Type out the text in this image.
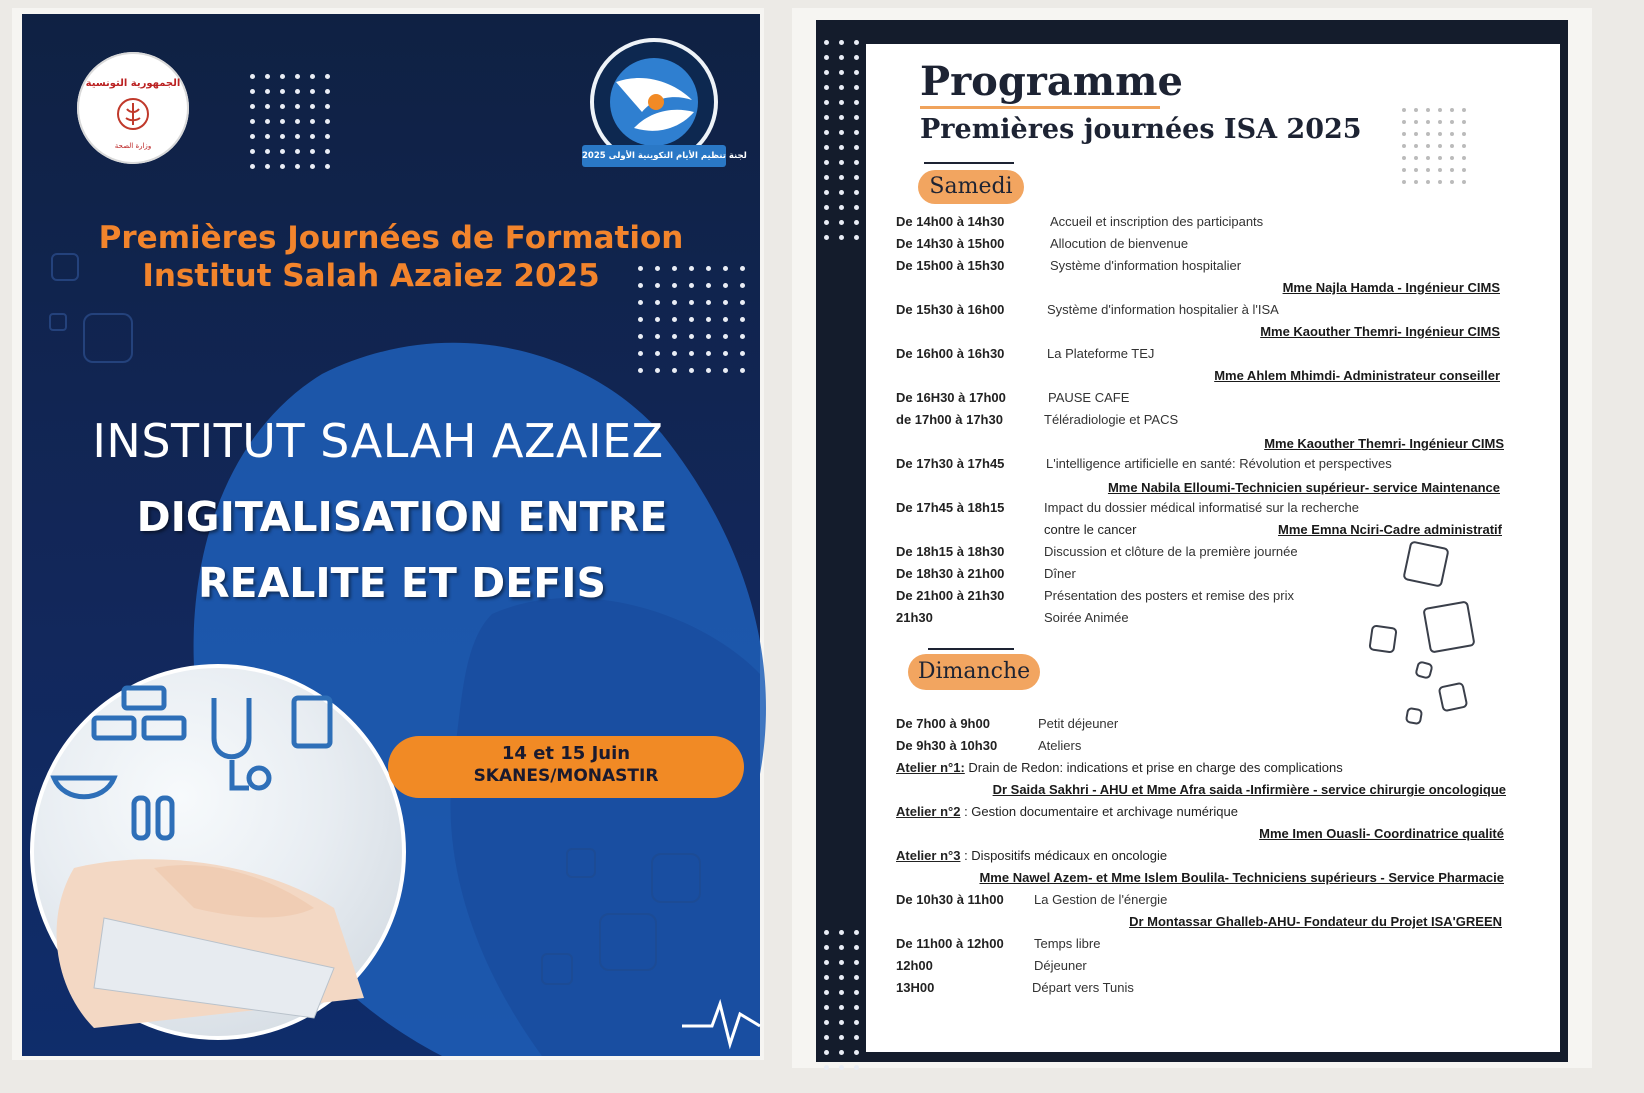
الجمهورية التونسية
وزارة الصحة
لجنة تنظيم الأيام التكوينية الأولى 2025
Premières Journées de Formation
Institut Salah Azaiez 2025
INSTITUT SALAH AZAIEZ
DIGITALISATION ENTRE
REALITE ET DEFIS
14 et 15 Juin
SKANES/MONASTIR
Programme
Premières journées ISA 2025
Samedi
De 14h00 à 14h30	Accueil et inscription des participants
De 14h30 à 15h00	Allocution de bienvenue
De 15h00 à 15h30	Système d'information hospitalier
Mme Najla Hamda - Ingénieur CIMS
De 15h30 à 16h00	Système d'information hospitalier à l'ISA
Mme Kaouther Themri- Ingénieur CIMS
De 16h00 à 16h30	La Plateforme TEJ
Mme Ahlem Mhimdi- Administrateur conseiller
De 16H30 à 17h00	PAUSE CAFE
de 17h00 à 17h30	Téléradiologie et PACS
Mme Kaouther Themri- Ingénieur CIMS
De 17h30 à 17h45	L'intelligence artificielle en santé: Révolution et perspectives
Mme Nabila Elloumi-Technicien supérieur- service Maintenance
De 17h45 à 18h15	Impact du dossier médical informatisé sur la recherche
contre le cancer	Mme Emna Nciri-Cadre administratif
De 18h15 à 18h30	Discussion et clôture de la première journée
De 18h30 à 21h00	Dîner
De 21h00 à 21h30	Présentation des posters et remise des prix
21h30	Soirée Animée
Dimanche
De 7h00 à 9h00	Petit déjeuner
De 9h30 à 10h30	Ateliers
Atelier n°1: Drain de Redon: indications et prise en charge des complications
Dr Saida Sakhri - AHU et Mme Afra saida -Infirmière - service chirurgie oncologique
Atelier n°2 : Gestion documentaire et archivage numérique
Mme Imen Ouasli- Coordinatrice qualité
Atelier n°3 : Dispositifs médicaux en oncologie
Mme Nawel Azem- et Mme Islem Boulila- Techniciens supérieurs - Service Pharmacie
De 10h30 à 11h00 La Gestion de l'énergie
Dr Montassar Ghalleb-AHU- Fondateur du Projet ISA'GREEN
De 11h00 à 12h00 Temps libre
12h00	Déjeuner
13H00	Départ vers Tunis
